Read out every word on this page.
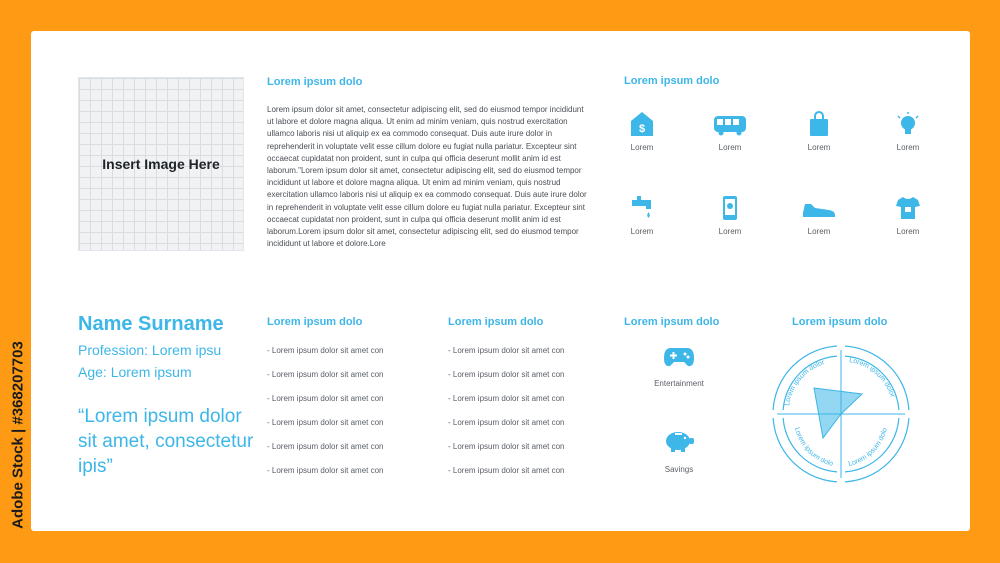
Adobe Stock | #368207703
Insert Image Here
Lorem ipsum dolo
Lorem ipsum dolor sit amet, consectetur adipiscing elit, sed do eiusmod tempor incididunt ut labore et dolore magna aliqua. Ut enim ad minim veniam, quis nostrud exercitation ullamco laboris nisi ut aliquip ex ea commodo consequat. Duis aute irure dolor in reprehenderit in voluptate velit esse cillum dolore eu fugiat nulla pariatur. Excepteur sint occaecat cupidatat non proident, sunt in culpa qui officia deserunt mollit anim id est laborum."Lorem ipsum dolor sit amet, consectetur adipiscing elit, sed do eiusmod tempor incididunt ut labore et dolore magna aliqua. Ut enim ad minim veniam, quis nostrud exercitation ullamco laboris nisi ut aliquip ex ea commodo consequat. Duis aute irure dolor in reprehenderit in voluptate velit esse cillum dolore eu fugiat nulla pariatur. Excepteur sint occaecat cupidatat non proident, sunt in culpa qui officia deserunt mollit anim id est laborum.Lorem ipsum dolor sit amet, consectetur adipiscing elit, sed do eiusmod tempor incididunt ut labore et dolore.Lore
Lorem ipsum dolo
$
Lorem	Lorem	Lorem	Lorem
Lorem	Lorem	Lorem	Lorem
Name Surname
Profession: Lorem ipsu
Age: Lorem ipsum
“Lorem ipsum dolor sit amet, consectetur ipis”
Lorem ipsum dolo
- Lorem ipsum dolor sit amet con
- Lorem ipsum dolor sit amet con
- Lorem ipsum dolor sit amet con
- Lorem ipsum dolor sit amet con
- Lorem ipsum dolor sit amet con
- Lorem ipsum dolor sit amet con
Lorem ipsum dolo
- Lorem ipsum dolor sit amet con
- Lorem ipsum dolor sit amet con
- Lorem ipsum dolor sit amet con
- Lorem ipsum dolor sit amet con
- Lorem ipsum dolor sit amet con
- Lorem ipsum dolor sit amet con
Lorem ipsum dolo
Entertainment
Savings
Lorem ipsum dolo
Lorem ipsum dolor	Lorem ipsum dolor
Lorem ipsum dolo	Lorem ipsum dolo
